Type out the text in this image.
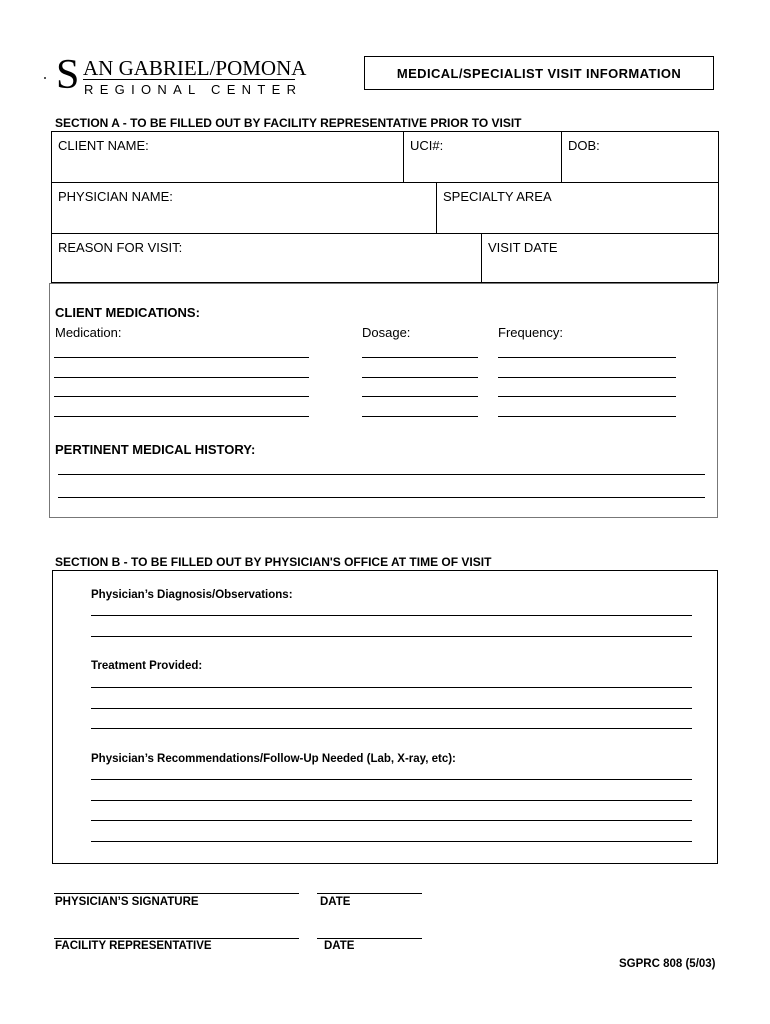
S AN GABRIEL/POMONA
REGIONAL CENTER
MEDICAL/SPECIALIST VISIT INFORMATION
SECTION A - TO BE FILLED OUT BY FACILITY REPRESENTATIVE PRIOR TO VISIT
CLIENT NAME:	UCI#:	DOB:
PHYSICIAN NAME:	SPECIALTY AREA
REASON FOR VISIT:	VISIT DATE
CLIENT MEDICATIONS:
Medication:	Dosage:	Frequency:
PERTINENT MEDICAL HISTORY:
SECTION B - TO BE FILLED OUT BY PHYSICIAN'S OFFICE AT TIME OF VISIT
Physician’s Diagnosis/Observations:
Treatment Provided:
Physician’s Recommendations/Follow-Up Needed (Lab, X-ray, etc):
PHYSICIAN’S SIGNATURE	DATE
FACILITY REPRESENTATIVE	DATE
SGPRC 808 (5/03)
